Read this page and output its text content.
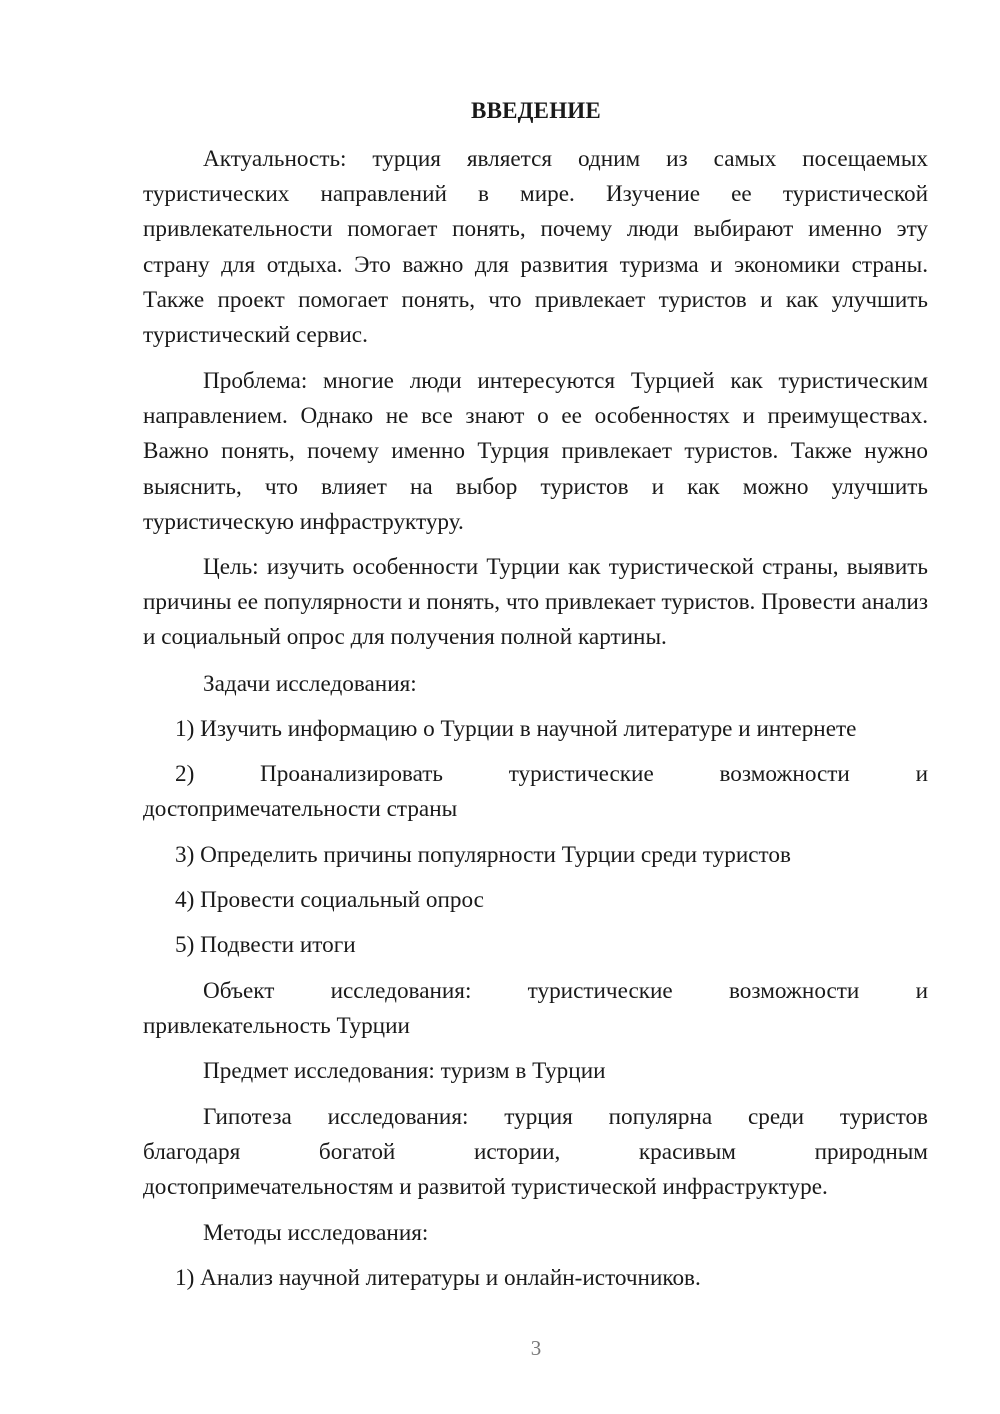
ВВЕДЕНИЕ

Актуальность: турция является одним из самых посещаемых туристических направлений в мире. Изучение ее туристической привлекательности помогает понять, почему люди выбирают именно эту страну для отдыха. Это важно для развития туризма и экономики страны. Также проект помогает понять, что привлекает туристов и как улучшить туристический сервис.

Проблема: многие люди интересуются Турцией как туристическим направлением. Однако не все знают о ее особенностях и преимуществах. Важно понять, почему именно Турция привлекает туристов. Также нужно выяснить, что влияет на выбор туристов и как можно улучшить туристическую инфраструктуру.

Цель: изучить особенности Турции как туристической страны, выявить причины ее популярности и понять, что привлекает туристов. Провести анализ и социальный опрос для получения полной картины.

Задачи исследования:
1) Изучить информацию о Турции в научной литературе и интернете
2) Проанализировать туристические возможности и
достопримечательности страны
3) Определить причины популярности Турции среди туристов
4) Провести социальный опрос
5) Подвести итоги
Объект исследования: туристические возможности и
привлекательность Турции
Предмет исследования: туризм в Турции
Гипотеза исследования: турция популярна среди туристов
благодаря богатой истории, красивым природным
достопримечательностям и развитой туристической инфраструктуре.
Методы исследования:
1) Анализ научной литературы и онлайн-источников.
3
